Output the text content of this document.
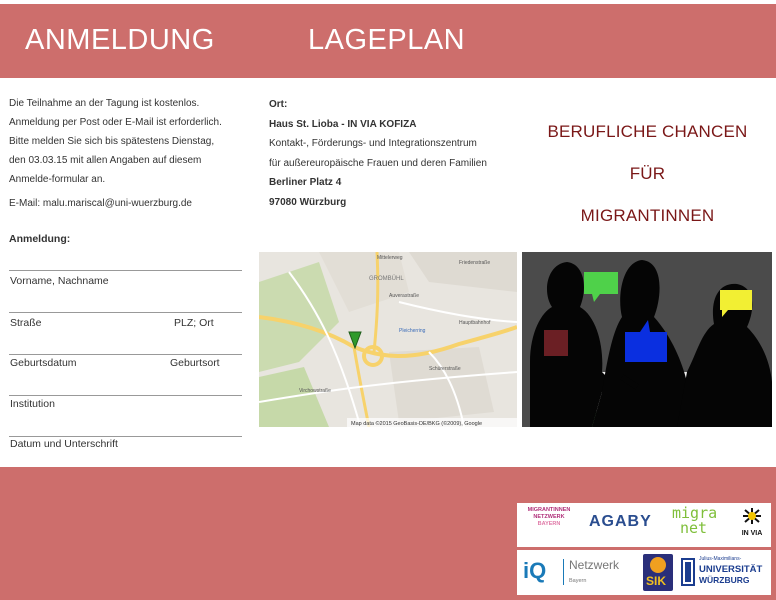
ANMELDUNG	LAGEPLAN

Die Teilnahme an der Tagung ist kostenlos.

Anmeldung per Post oder E-Mail ist erforderlich.

Bitte melden Sie sich bis spätestens Dienstag,

den 03.03.15 mit allen Angaben auf diesem

Anmelde-formular an.

E-Mail: malu.mariscal@uni-wuerzburg.de
Anmeldung:
Vorname, Nachname
Straße	PLZ; Ort
Geburtsdatum	Geburtsort
Institution
Datum und Unterschrift

Ort:

Haus St. Lioba - IN VIA KOFIZA

Kontakt-, Förderungs- und Integrationszentrum

für außereuropäische Frauen und deren Familien

Berliner Platz 4

97080 Würzburg

Mittelerweg
Friedenstraße
GROMBÜHL
Auverastraße
Pleicherring
Schürerstraße
Hauptbahnhof
Virchowstraße
Map data ©2015 GeoBasis-DE/BKG (©2009), Google
BERUFLICHE CHANCEN
FÜR
MIGRANTINNEN
MIGRANTINNEN
NETZWERK
BAYERN	AGABY migra
net	IN VIA
iQ Netzwerk
Bayern	SIK
Julius-Maximilians-
UNIVERSITÄT
WÜRZBURG
